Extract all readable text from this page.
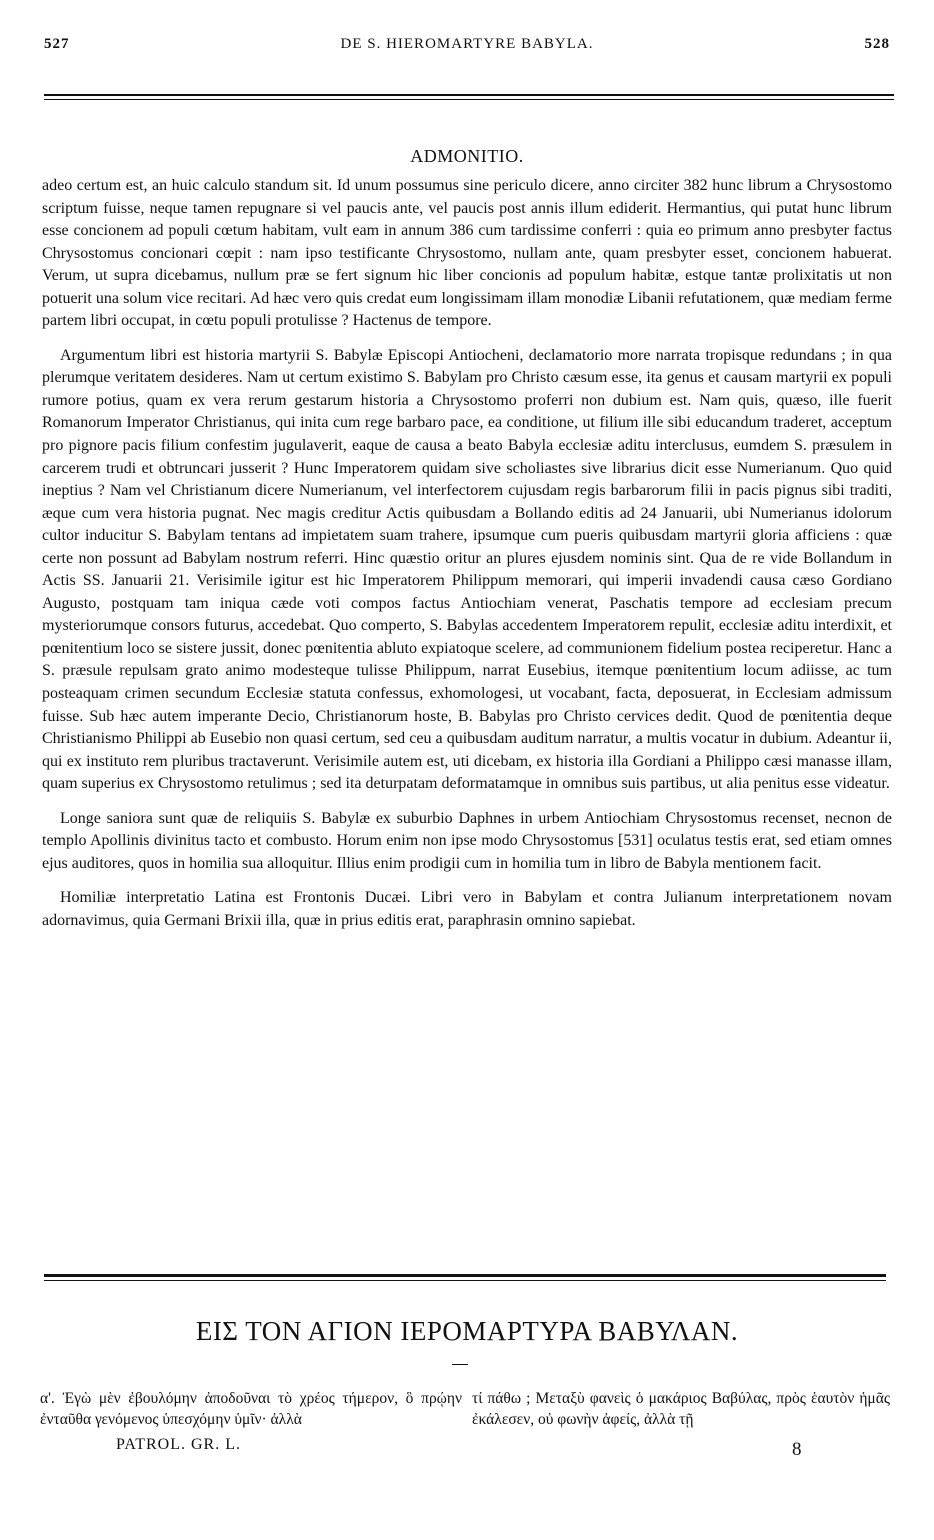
527	DE S. HIEROMARTYRE BABYLA.	528
ADMONITIO.

adeo certum est, an huic calculo standum sit. Id unum possumus sine periculo dicere, anno circiter 382 hunc librum a Chrysostomo scriptum fuisse, neque tamen repugnare si vel paucis ante, vel paucis post annis illum ediderit. Hermantius, qui putat hunc librum esse concionem ad populi cœtum habitam, vult eam in annum 386 cum tardissime conferri : quia eo primum anno presbyter factus Chrysostomus concionari cœpit : nam ipso testificante Chrysostomo, nullam ante, quam presbyter esset, concionem habuerat. Verum, ut supra dicebamus, nullum præ se fert signum hic liber concionis ad populum habitæ, estque tantæ prolixitatis ut non potuerit una solum vice recitari. Ad hæc vero quis credat eum longissimam illam monodiæ Libanii refutationem, quæ mediam ferme partem libri occupat, in cœtu populi protulisse ? Hactenus de tempore.

Argumentum libri est historia martyrii S. Babylæ Episcopi Antiocheni, declamatorio more narrata tropisque redundans ; in qua plerumque veritatem desideres. Nam ut certum existimo S. Babylam pro Christo cæsum esse, ita genus et causam martyrii ex populi rumore potius, quam ex vera rerum gestarum historia a Chrysostomo proferri non dubium est. Nam quis, quæso, ille fuerit Romanorum Imperator Christianus, qui inita cum rege barbaro pace, ea conditione, ut filium ille sibi educandum traderet, acceptum pro pignore pacis filium confestim jugulaverit, eaque de causa a beato Babyla ecclesiæ aditu interclusus, eumdem S. præsulem in carcerem trudi et obtruncari jusserit ? Hunc Imperatorem quidam sive scholiastes sive librarius dicit esse Numerianum. Quo quid ineptius ? Nam vel Christianum dicere Numerianum, vel interfectorem cujusdam regis barbarorum filii in pacis pignus sibi traditi, æque cum vera historia pugnat. Nec magis creditur Actis quibusdam a Bollando editis ad 24 Januarii, ubi Numerianus idolorum cultor inducitur S. Babylam tentans ad impietatem suam trahere, ipsumque cum pueris quibusdam martyrii gloria afficiens : quæ certe non possunt ad Babylam nostrum referri. Hinc quæstio oritur an plures ejusdem nominis sint. Qua de re vide Bollandum in Actis SS. Januarii 21. Verisimile igitur est hic Imperatorem Philippum memorari, qui imperii invadendi causa cæso Gordiano Augusto, postquam tam iniqua cæde voti compos factus Antiochiam venerat, Paschatis tempore ad ecclesiam precum mysteriorumque consors futurus, accedebat. Quo comperto, S. Babylas accedentem Imperatorem repulit, ecclesiæ aditu interdixit, et pœnitentium loco se sistere jussit, donec pœnitentia abluto expiatoque scelere, ad communionem fidelium postea reciperetur. Hanc a S. præsule repulsam grato animo modesteque tulisse Philippum, narrat Eusebius, itemque pœnitentium locum adiisse, ac tum posteaquam crimen secundum Ecclesiæ statuta confessus, exhomologesi, ut vocabant, facta, deposuerat, in Ecclesiam admissum fuisse. Sub hæc autem imperante Decio, Christianorum hoste, B. Babylas pro Christo cervices dedit. Quod de pœnitentia deque Christianismo Philippi ab Eusebio non quasi certum, sed ceu a quibusdam auditum narratur, a multis vocatur in dubium. Adeantur ii, qui ex instituto rem pluribus tractaverunt. Verisimile autem est, uti dicebam, ex historia illa Gordiani a Philippo cæsi manasse illam, quam superius ex Chrysostomo retulimus ; sed ita deturpatam deformatamque in omnibus suis partibus, ut alia penitus esse videatur.

Longe saniora sunt quæ de reliquiis S. Babylæ ex suburbio Daphnes in urbem Antiochiam Chrysostomus recenset, necnon de templo Apollinis divinitus tacto et combusto. Horum enim non ipse modo Chrysostomus [531] oculatus testis erat, sed etiam omnes ejus auditores, quos in homilia sua alloquitur. Illius enim prodigii cum in homilia tum in libro de Babyla mentionem facit.

Homiliæ interpretatio Latina est Frontonis Ducæi. Libri vero in Babylam et contra Julianum interpretationem novam adornavimus, quia Germani Brixii illa, quæ in prius editis erat, paraphrasin omnino sapiebat.

ΕΙΣ ΤΟΝ ΑΓΙΟΝ ΙΕΡΟΜΑΡΤΥΡΑ ΒΑΒΥΛΑΝ.
α'. Ἐγὼ μὲν ἐβουλόμην ἀποδοῦναι τὸ χρέος τήμερον, ὃ πρῴην ἐνταῦθα γενόμενος ὑπεσχόμην ὑμῖν· ἀλλὰ
τί πάθω ; Μεταξὺ φανεὶς ὁ μακάριος Βαβύλας, πρὸς ἑαυτὸν ἡμᾶς ἐκάλεσεν, οὐ φωνὴν ἀφείς, ἀλλὰ τῇ
PATROL. GR. L.	8
